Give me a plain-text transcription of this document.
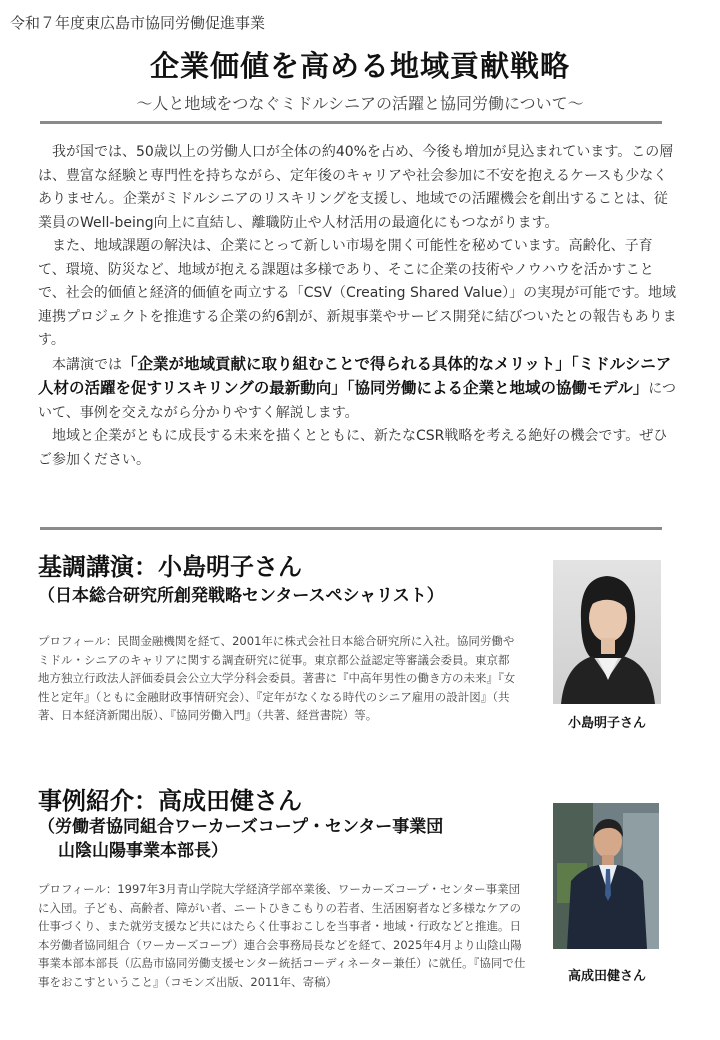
令和７年度東広島市協同労働促進事業
企業価値を高める地域貢献戦略
～人と地域をつなぐミドルシニアの活躍と協同労働について～

我が国では、50歳以上の労働人口が全体の約40%を占め、今後も増加が見込まれています。この層は、豊富な経験と専門性を持ちながら、定年後のキャリアや社会参加に不安を抱えるケースも少なくありません。企業がミドルシニアのリスキリングを支援し、地域での活躍機会を創出することは、従業員のWell-being向上に直結し、離職防止や人材活用の最適化にもつながります。

また、地域課題の解決は、企業にとって新しい市場を開く可能性を秘めています。高齢化、子育て、環境、防災など、地域が抱える課題は多様であり、そこに企業の技術やノウハウを活かすことで、社会的価値と経済的価値を両立する「CSV（Creating Shared Value）」の実現が可能です。地域連携プロジェクトを推進する企業の約6割が、新規事業やサービス開発に結びついたとの報告もあります。

本講演では「企業が地域貢献に取り組むことで得られる具体的なメリット」「ミドルシニア人材の活躍を促すリスキリングの最新動向」「協同労働による企業と地域の協働モデル」について、事例を交えながら分かりやすく解説します。

地域と企業がともに成長する未来を描くとともに、新たなCSR戦略を考える絶好の機会です。ぜひご参加ください。

基調講演：小島明子さん
（日本総合研究所創発戦略センタースペシャリスト）
プロフィール：民間金融機関を経て、2001年に株式会社日本総合研究所に入社。協同労働やミドル・シニアのキャリアに関する調査研究に従事。東京都公益認定等審議会委員。東京都地方独立行政法人評価委員会公立大学分科会委員。著書に『中高年男性の働き方の未来』『女性と定年』（ともに金融財政事情研究会）、『定年がなくなる時代のシニア雇用の設計図』（共著、日本経済新聞出版）、『協同労働入門』（共著、経営書院）等。
小島明子さん
事例紹介：高成田健さん
（労働者協同組合ワーカーズコープ・センター事業団
山陰山陽事業本部長）
プロフィール：1997年3月青山学院大学経済学部卒業後、ワーカーズコープ・センター事業団に入団。子ども、高齢者、障がい者、ニートひきこもりの若者、生活困窮者など多様なケアの仕事づくり、また就労支援など共にはたらく仕事おこしを当事者・地域・行政などと推進。日本労働者協同組合（ワーカーズコープ）連合会事務局長などを経て、2025年4月より山陰山陽事業本部本部長（広島市協同労働支援センター統括コーディネーター兼任）に就任。『協同で仕事をおこすということ』（コモンズ出版、2011年、寄稿）	高成田健さん
